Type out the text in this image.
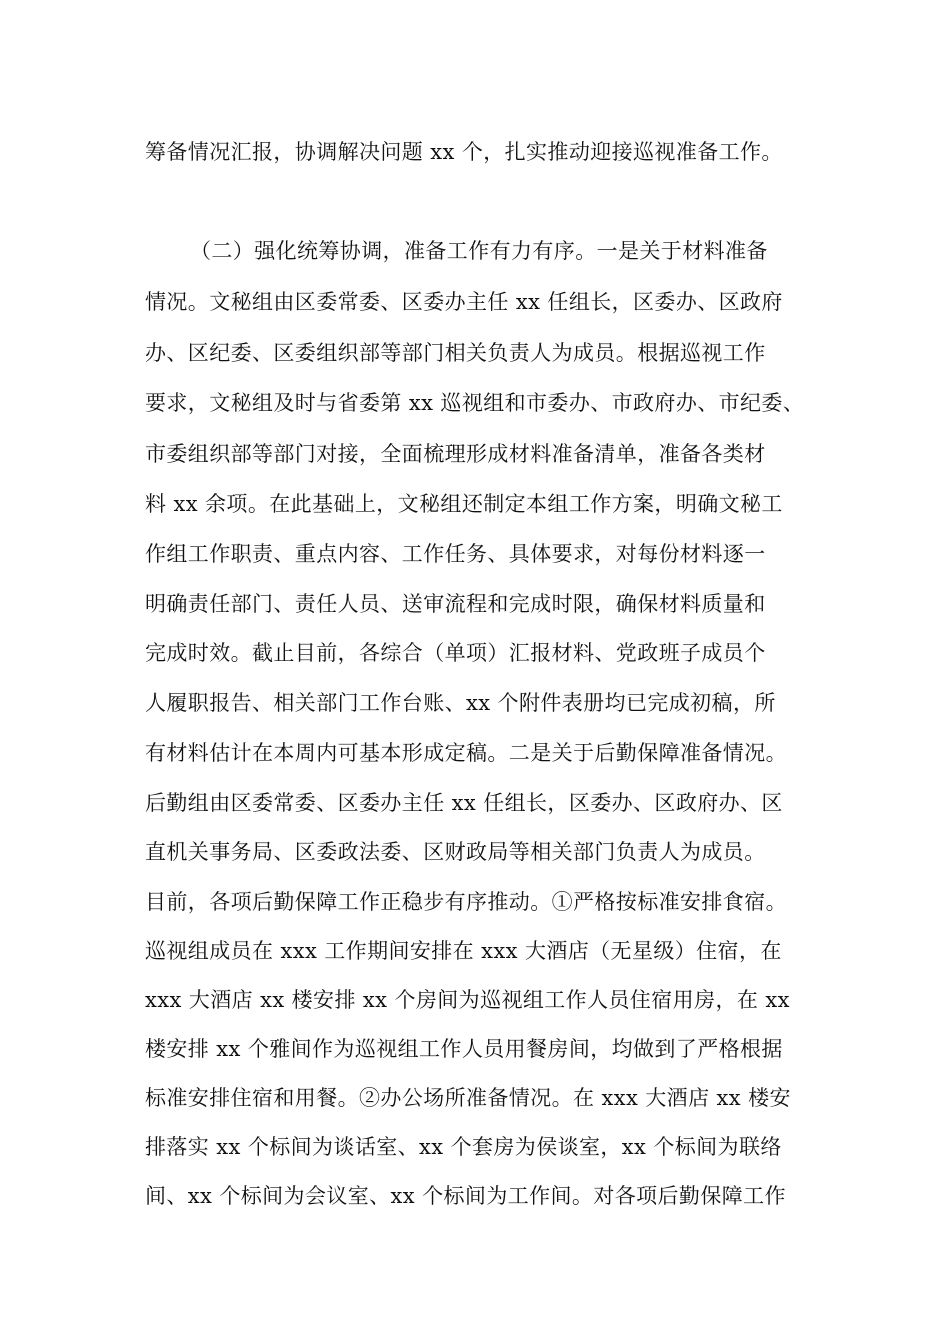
筹备情况汇报，协调解决问题 xx 个，扎实推动迎接巡视准备工作。
（二）强化统筹协调，准备工作有力有序。一是关于材料准备
情况。文秘组由区委常委、区委办主任 xx 任组长，区委办、区政府
办、区纪委、区委组织部等部门相关负责人为成员。根据巡视工作
要求，文秘组及时与省委第 xx 巡视组和市委办、市政府办、市纪委、
市委组织部等部门对接，全面梳理形成材料准备清单，准备各类材
料 xx 余项。在此基础上，文秘组还制定本组工作方案，明确文秘工
作组工作职责、重点内容、工作任务、具体要求，对每份材料逐一
明确责任部门、责任人员、送审流程和完成时限，确保材料质量和
完成时效。截止目前，各综合（单项）汇报材料、党政班子成员个
人履职报告、相关部门工作台账、xx 个附件表册均已完成初稿，所
有材料估计在本周内可基本形成定稿。二是关于后勤保障准备情况。
后勤组由区委常委、区委办主任 xx 任组长，区委办、区政府办、区
直机关事务局、区委政法委、区财政局等相关部门负责人为成员。
目前，各项后勤保障工作正稳步有序推动。①严格按标准安排食宿。
巡视组成员在 xxx 工作期间安排在 xxx 大酒店（无星级）住宿，在
xxx 大酒店 xx 楼安排 xx 个房间为巡视组工作人员住宿用房，在 xx
楼安排 xx 个雅间作为巡视组工作人员用餐房间，均做到了严格根据
标准安排住宿和用餐。②办公场所准备情况。在 xxx 大酒店 xx 楼安
排落实 xx 个标间为谈话室、xx 个套房为侯谈室，xx 个标间为联络
间、xx 个标间为会议室、xx 个标间为工作间。对各项后勤保障工作
